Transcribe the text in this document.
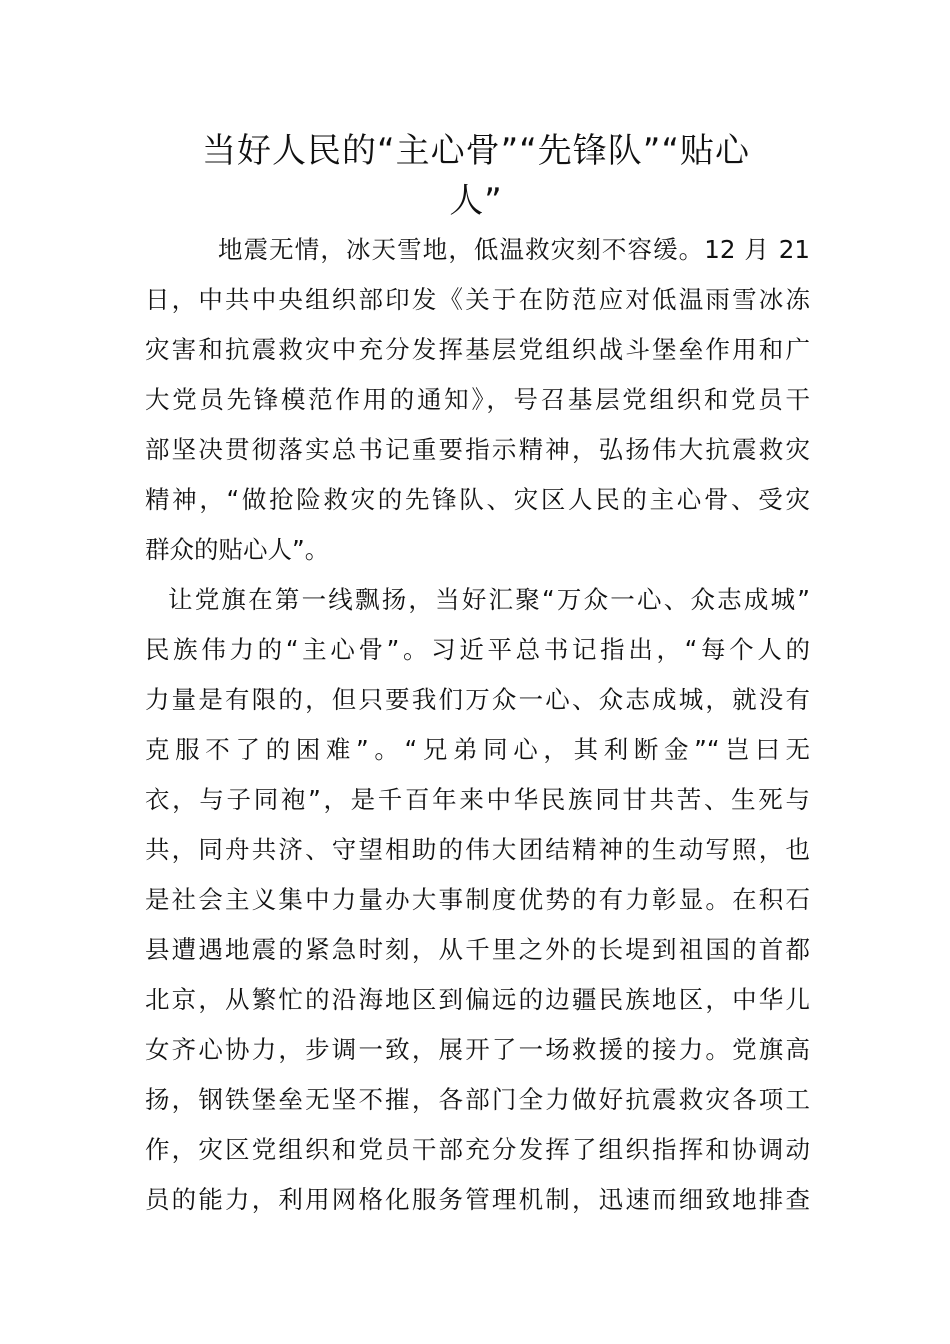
当好人民的“主心骨”“先锋队”“贴心
人”
地震无情，冰天雪地，低温救灾刻不容缓。12 月 21
日，中共中央组织部印发《关于在防范应对低温雨雪冰冻
灾害和抗震救灾中充分发挥基层党组织战斗堡垒作用和广
大党员先锋模范作用的通知》，号召基层党组织和党员干
部坚决贯彻落实总书记重要指示精神，弘扬伟大抗震救灾
精神，“做抢险救灾的先锋队、灾区人民的主心骨、受灾
群众的贴心人”。
让党旗在第一线飘扬，当好汇聚“万众一心、众志成城”
民族伟力的“主心骨”。习近平总书记指出，“每个人的
力量是有限的，但只要我们万众一心、众志成城，就没有
克服不了的困难”。“兄弟同心，其利断金”“岂曰无
衣，与子同袍”，是千百年来中华民族同甘共苦、生死与
共，同舟共济、守望相助的伟大团结精神的生动写照，也
是社会主义集中力量办大事制度优势的有力彰显。在积石
县遭遇地震的紧急时刻，从千里之外的长堤到祖国的首都
北京，从繁忙的沿海地区到偏远的边疆民族地区，中华儿
女齐心协力，步调一致，展开了一场救援的接力。党旗高
扬，钢铁堡垒无坚不摧，各部门全力做好抗震救灾各项工
作，灾区党组织和党员干部充分发挥了组织指挥和协调动
员的能力，利用网格化服务管理机制，迅速而细致地排查
